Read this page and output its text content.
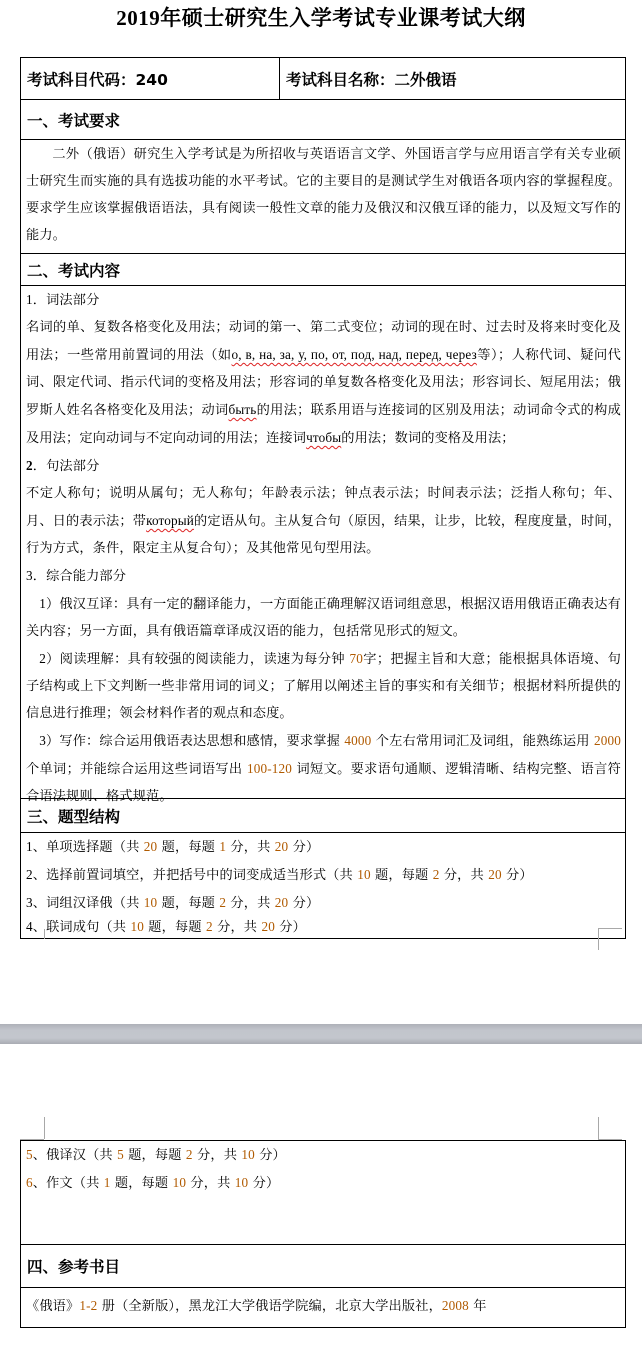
2019年硕士研究生入学考试专业课考试大纲
考试科目代码：240	考试科目名称：二外俄语
一、考试要求

二外（俄语）研究生入学考试是为所招收与英语语言文学、外国语言学与应用语言学有关专业硕士研究生而实施的具有选拔功能的水平考试。它的主要目的是测试学生对俄语各项内容的掌握程度。要求学生应该掌握俄语语法，具有阅读一般性文章的能力及俄汉和汉俄互译的能力，以及短文写作的能力。

二、考试内容

1．词法部分

名词的单、复数各格变化及用法；动词的第一、第二式变位；动词的现在时、过去时及将来时变化及用法；一些常用前置词的用法（如o, в, на, за, у, по, от, под, над, перед, через等）；人称代词、疑问代词、限定代词、指示代词的变格及用法；形容词的单复数各格变化及用法；形容词长、短尾用法；俄罗斯人姓名各格变化及用法；动词быть的用法；联系用语与连接词的区别及用法；动词命令式的构成及用法；定向动词与不定向动词的用法；连接词чтобы的用法；数词的变格及用法；

2．句法部分

不定人称句；说明从属句；无人称句；年龄表示法；钟点表示法；时间表示法；泛指人称句；年、月、日的表示法；带который的定语从句。主从复合句（原因，结果，让步，比较，程度度量，时间，行为方式，条件，限定主从复合句）；及其他常见句型用法。

3．综合能力部分

1）俄汉互译：具有一定的翻译能力，一方面能正确理解汉语词组意思，根据汉语用俄语正确表达有关内容；另一方面，具有俄语篇章译成汉语的能力，包括常见形式的短文。

2）阅读理解：具有较强的阅读能力，读速为每分钟 70字；把握主旨和大意；能根据具体语境、句子结构或上下文判断一些非常用词的词义；了解用以阐述主旨的事实和有关细节；根据材料所提供的信息进行推理；领会材料作者的观点和态度。

3）写作：综合运用俄语表达思想和感情，要求掌握 4000 个左右常用词汇及词组，能熟练运用 2000 个单词；并能综合运用这些词语写出 100-120 词短文。要求语句通顺、逻辑清晰、结构完整、语言符合语法规则、格式规范。

三、题型结构

1、单项选择题（共 20 题，每题 1 分，共 20 分）

2、选择前置词填空，并把括号中的词变成适当形式（共 10 题，每题 2 分，共 20 分）

3、词组汉译俄（共 10 题，每题 2 分，共 20 分）

4、联词成句（共 10 题，每题 2 分，共 20 分）

5、俄译汉（共 5 题，每题 2 分，共 10 分）

6、作文（共 1 题，每题 10 分，共 10 分）

四、参考书目

《俄语》1-2 册（全新版），黑龙江大学俄语学院编，北京大学出版社，2008 年
